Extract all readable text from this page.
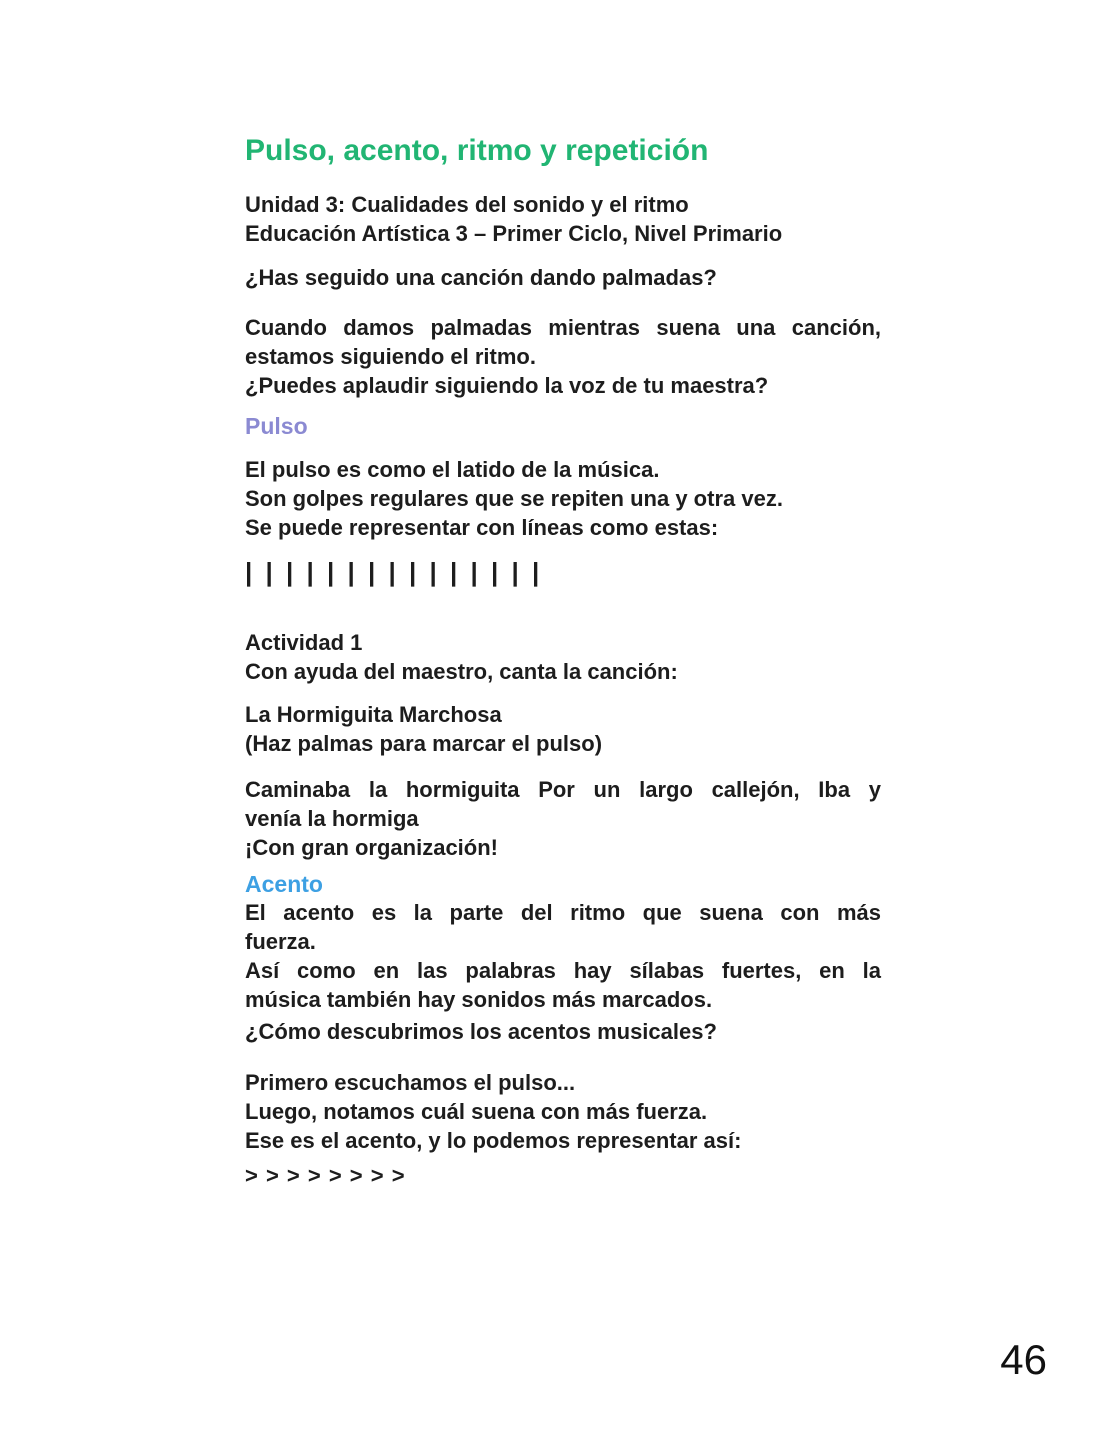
Pulso, acento, ritmo y repetición
Unidad 3: Cualidades del sonido y el ritmo
Educación Artística 3 – Primer Ciclo, Nivel Primario
¿Has seguido una canción dando palmadas?
Cuando damos palmadas mientras suena una canción,
estamos siguiendo el ritmo.
¿Puedes aplaudir siguiendo la voz de tu maestra?
Pulso
El pulso es como el latido de la música.
Son golpes regulares que se repiten una y otra vez.
Se puede representar con líneas como estas:
| | | | | | | | | | | | | | |
Actividad 1
Con ayuda del maestro, canta la canción:
La Hormiguita Marchosa
(Haz palmas para marcar el pulso)
Caminaba la hormiguita Por un largo callejón, Iba y
venía la hormiga
¡Con gran organización!
Acento
El acento es la parte del ritmo que suena con más
fuerza.
Así como en las palabras hay sílabas fuertes, en la
música también hay sonidos más marcados.
¿Cómo descubrimos los acentos musicales?
Primero escuchamos el pulso...
Luego, notamos cuál suena con más fuerza.
Ese es el acento, y lo podemos representar así:
> > > > > > > >
46
